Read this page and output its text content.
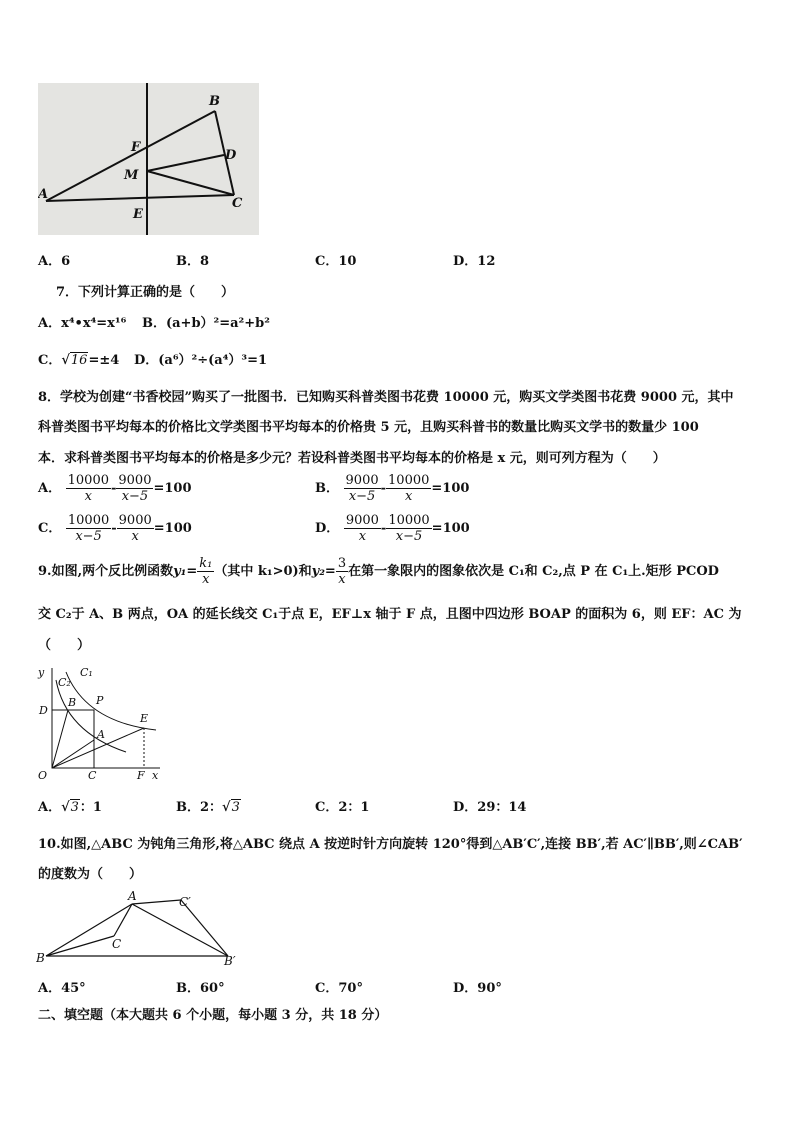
B
F
D
M
A
E
C
A．6	B．8	C．10	D．12
7．下列计算正确的是（　　）
A．x⁴•x⁴=x¹⁶ B．(a+b）²=a²+b²
C．√16=±4 D．(a⁶）²÷(a⁴）³=1
8．学校为创建“书香校园”购买了一批图书．已知购买科普类图书花费 10000 元，购买文学类图书花费 9000 元，其中
科普类图书平均每本的价格比文学类图书平均每本的价格贵 5 元，且购买科普书的数量比购买文学书的数量少 100
本．求科普类图书平均每本的价格是多少元？若设科普类图书平均每本的价格是 x 元，则可列方程为（　　）
A． $\frac{10000}{x} - \frac{9000}{x-5} =100$	B． $\frac{9000}{x-5} - \frac{10000}{x} =100$
C． $\frac{10000}{x-5} - \frac{9000}{x} =100$	D． $\frac{9000}{x} - \frac{10000}{x-5} =100$
9.如图,两个反比例函数$y_1= \frac{\text{k₁}}{x}$ （其中 k₁>0)和$y_2= \frac{3}{x}$ 在第一象限内的图象依次是 C₁和 C₂,点 P 在 C₁上.矩形 PCOD
交 C₂于 A、B 两点，OA 的延长线交 C₁于点 E，EF⊥x 轴于 F 点，且图中四边形 BOAP 的面积为 6，则 EF：AC 为
（　　）
y
C₂
C₁
D
B P
E
A
O	C	F x
A．√3：1	B．2：√3	C．2：1	D．29：14
10.如图,△ABC 为钝角三角形,将△ABC 绕点 A 按逆时针方向旋转 120°得到△AB′C′,连接 BB′,若 AC′∥BB′,则∠CAB′
的度数为（　　）
A	C′
C
B	B′
A．45°	B．60°	C．70°	D．90°
二、填空题（本大题共 6 个小题，每小题 3 分，共 18 分）
